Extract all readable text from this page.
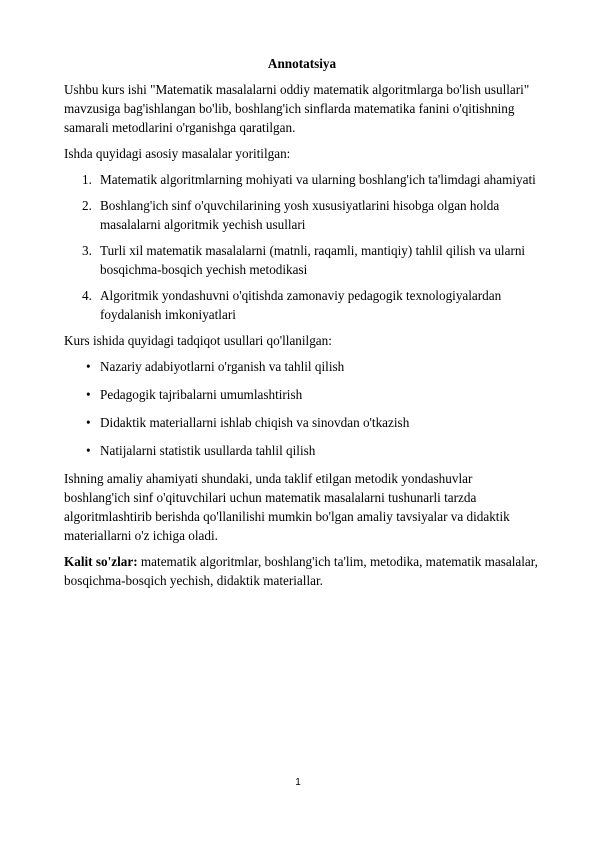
Annotatsiya

Ushbu kurs ishi "Matematik masalalarni oddiy matematik algoritmlarga bo'lish usullari" mavzusiga bag'ishlangan bo'lib, boshlang'ich sinflarda matematika fanini o'qitishning samarali metodlarini o'rganishga qaratilgan.

Ishda quyidagi asosiy masalalar yoritilgan:

1. Matematik algoritmlarning mohiyati va ularning boshlang'ich ta'limdagi ahamiyati
2. Boshlang'ich sinf o'quvchilarining yosh xususiyatlarini hisobga olgan holda masalalarni algoritmik yechish usullari
3. Turli xil matematik masalalarni (matnli, raqamli, mantiqiy) tahlil qilish va ularni bosqichma-bosqich yechish metodikasi
4. Algoritmik yondashuvni o'qitishda zamonaviy pedagogik texnologiyalardan foydalanish imkoniyatlari

Kurs ishida quyidagi tadqiqot usullari qo'llanilgan:

• Nazariy adabiyotlarni o'rganish va tahlil qilish
• Pedagogik tajribalarni umumlashtirish
• Didaktik materiallarni ishlab chiqish va sinovdan o'tkazish
• Natijalarni statistik usullarda tahlil qilish

Ishning amaliy ahamiyati shundaki, unda taklif etilgan metodik yondashuvlar boshlang'ich sinf o'qituvchilari uchun matematik masalalarni tushunarli tarzda algoritmlashtirib berishda qo'llanilishi mumkin bo'lgan amaliy tavsiyalar va didaktik materiallarni o'z ichiga oladi.

Kalit so'zlar: matematik algoritmlar, boshlang'ich ta'lim, metodika, matematik masalalar, bosqichma-bosqich yechish, didaktik materiallar.

1
